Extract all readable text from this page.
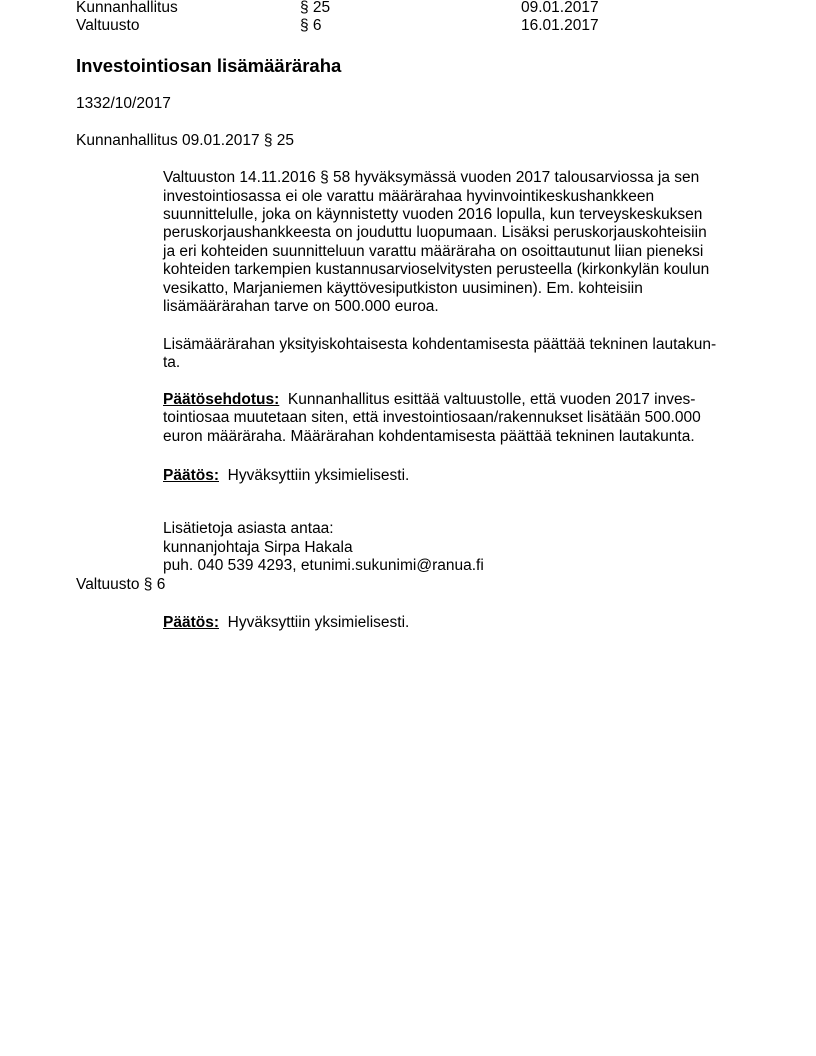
Kunnanhallitus	§ 25	09.01.2017
Valtuusto	§ 6	16.01.2017
Investointiosan lisämääräraha
1332/10/2017
Kunnanhallitus 09.01.2017 § 25
Valtuuston 14.11.2016 § 58 hyväksymässä vuoden 2017 talousarviossa ja sen
investointiosassa ei ole varattu määrärahaa hyvinvointikeskushankkeen
suunnittelulle, joka on käynnistetty vuoden 2016 lopulla, kun terveyskeskuksen
peruskorjaushankkeesta on jouduttu luopumaan. Lisäksi peruskorjauskohteisiin
ja eri kohteiden suunnitteluun varattu määräraha on osoittautunut liian pieneksi
kohteiden tarkempien kustannusarvioselvitysten perusteella (kirkonkylän koulun
vesikatto, Marjaniemen käyttövesiputkiston uusiminen). Em. kohteisiin
lisämäärärahan tarve on 500.000 euroa.
Lisämäärärahan yksityiskohtaisesta kohdentamisesta päättää tekninen lautakun-
ta.
Päätösehdotus: Kunnanhallitus esittää valtuustolle, että vuoden 2017 inves-
tointiosaa muutetaan siten, että investointiosaan/rakennukset lisätään 500.000
euron määräraha. Määrärahan kohdentamisesta päättää tekninen lautakunta.
Päätös: Hyväksyttiin yksimielisesti.
Lisätietoja asiasta antaa:
kunnanjohtaja Sirpa Hakala
puh. 040 539 4293, etunimi.sukunimi@ranua.fi
Valtuusto § 6
Päätös: Hyväksyttiin yksimielisesti.
